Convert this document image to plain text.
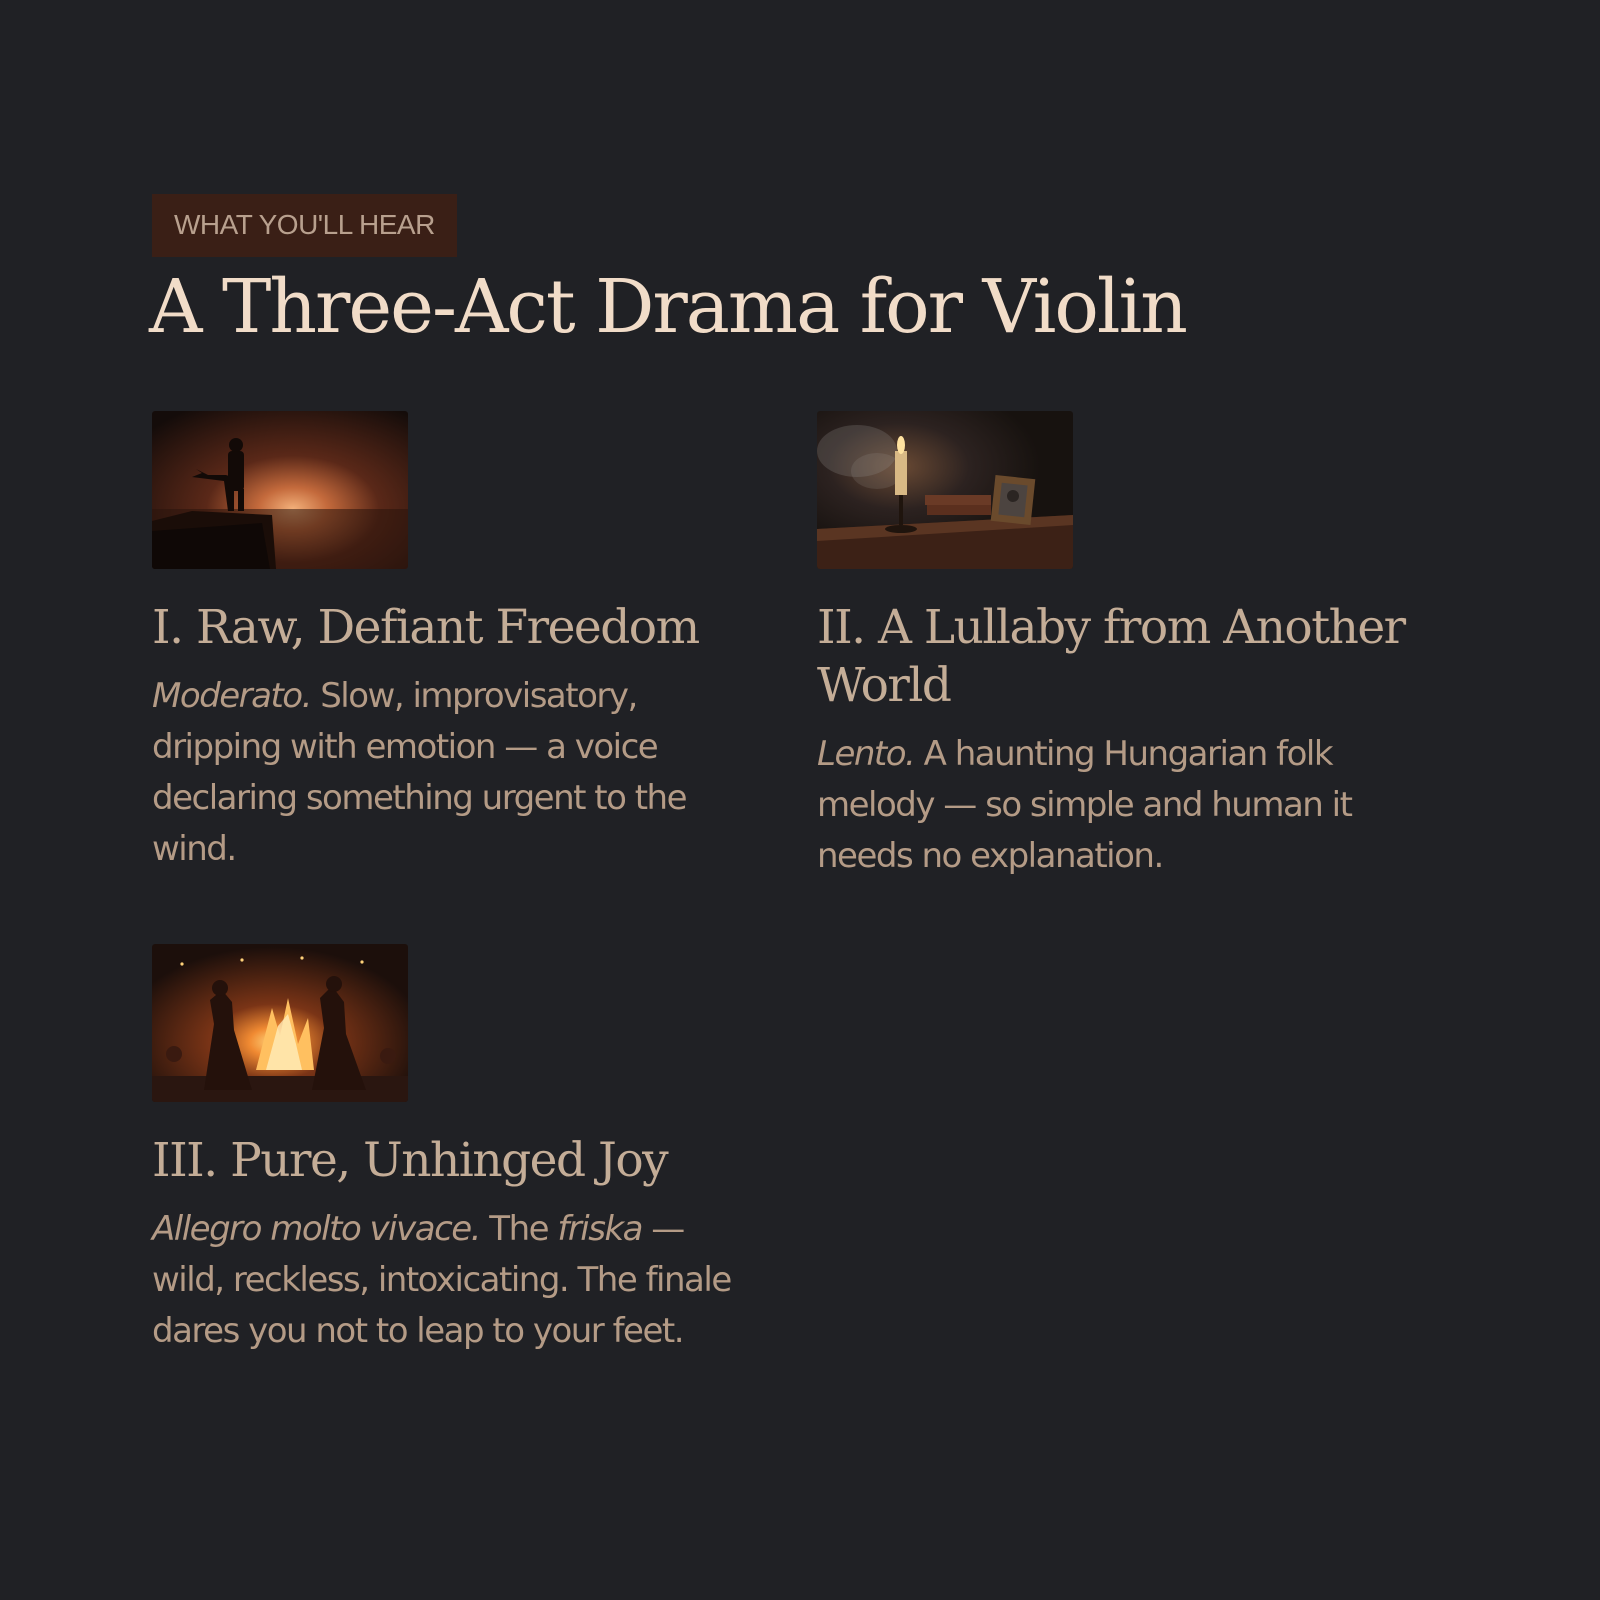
WHAT YOU'LL HEAR
A Three-Act Drama for Violin
I. Raw, Defiant Freedom

Moderato. Slow, improvisatory, dripping with emotion — a voice declaring something urgent to the wind.

II. A Lullaby from Another World

Lento. A haunting Hungarian folk melody — so simple and human it needs no explanation.

III. Pure, Unhinged Joy

Allegro molto vivace. The friska — wild, reckless, intoxicating. The finale dares you not to leap to your feet.
